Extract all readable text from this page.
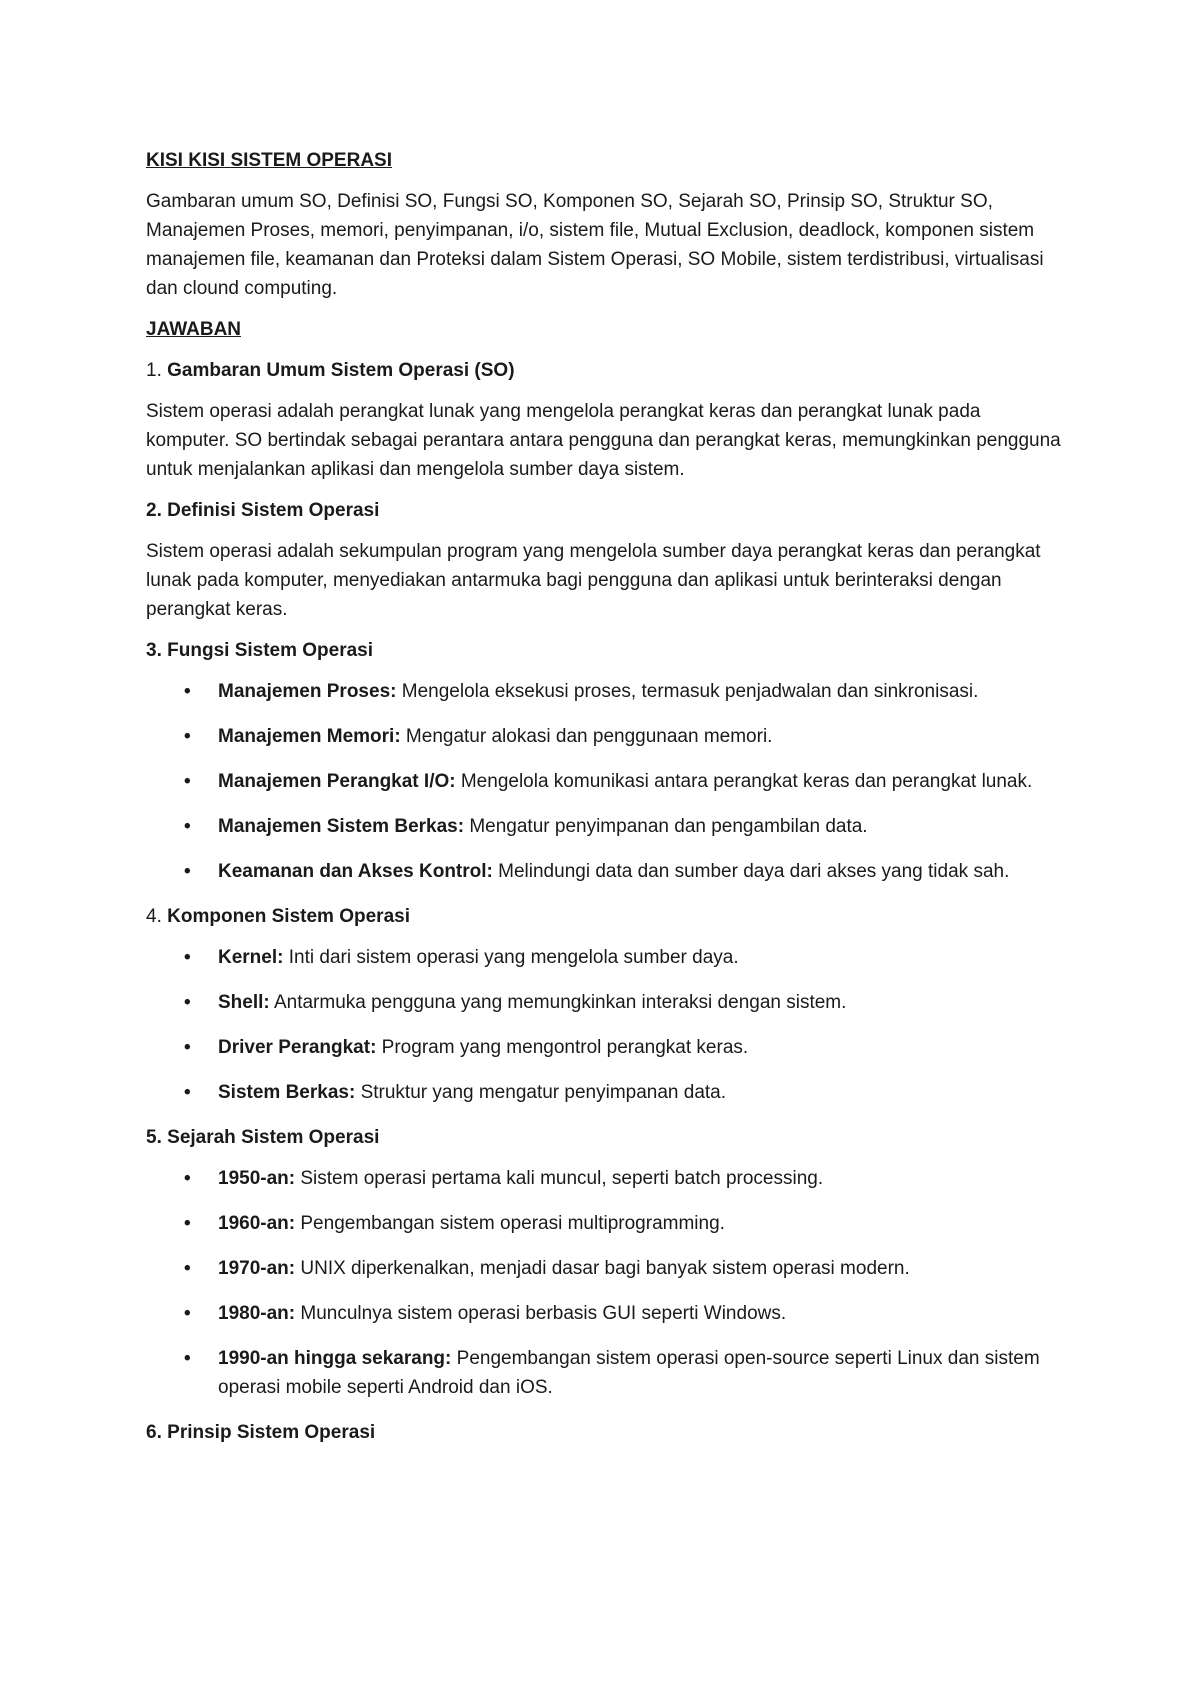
KISI KISI SISTEM OPERASI

Gambaran umum SO, Definisi SO, Fungsi SO, Komponen SO, Sejarah SO, Prinsip SO, Struktur SO, Manajemen Proses, memori, penyimpanan, i/o, sistem file, Mutual Exclusion, deadlock, komponen sistem manajemen file, keamanan dan Proteksi dalam Sistem Operasi, SO Mobile, sistem terdistribusi, virtualisasi dan clound computing.

JAWABAN
1. Gambaran Umum Sistem Operasi (SO)

Sistem operasi adalah perangkat lunak yang mengelola perangkat keras dan perangkat lunak pada komputer. SO bertindak sebagai perantara antara pengguna dan perangkat keras, memungkinkan pengguna untuk menjalankan aplikasi dan mengelola sumber daya sistem.

2. Definisi Sistem Operasi

Sistem operasi adalah sekumpulan program yang mengelola sumber daya perangkat keras dan perangkat lunak pada komputer, menyediakan antarmuka bagi pengguna dan aplikasi untuk berinteraksi dengan perangkat keras.

3. Fungsi Sistem Operasi
• Manajemen Proses: Mengelola eksekusi proses, termasuk penjadwalan dan sinkronisasi.
• Manajemen Memori: Mengatur alokasi dan penggunaan memori.
• Manajemen Perangkat I/O: Mengelola komunikasi antara perangkat keras dan perangkat lunak.
• Manajemen Sistem Berkas: Mengatur penyimpanan dan pengambilan data.
• Keamanan dan Akses Kontrol: Melindungi data dan sumber daya dari akses yang tidak sah.
4. Komponen Sistem Operasi
• Kernel: Inti dari sistem operasi yang mengelola sumber daya.
• Shell: Antarmuka pengguna yang memungkinkan interaksi dengan sistem.
• Driver Perangkat: Program yang mengontrol perangkat keras.
• Sistem Berkas: Struktur yang mengatur penyimpanan data.
5. Sejarah Sistem Operasi
• 1950-an: Sistem operasi pertama kali muncul, seperti batch processing.
• 1960-an: Pengembangan sistem operasi multiprogramming.
• 1970-an: UNIX diperkenalkan, menjadi dasar bagi banyak sistem operasi modern.
• 1980-an: Munculnya sistem operasi berbasis GUI seperti Windows.
• 1990-an hingga sekarang: Pengembangan sistem operasi open-source seperti Linux dan sistem operasi mobile seperti Android dan iOS.
6. Prinsip Sistem Operasi
